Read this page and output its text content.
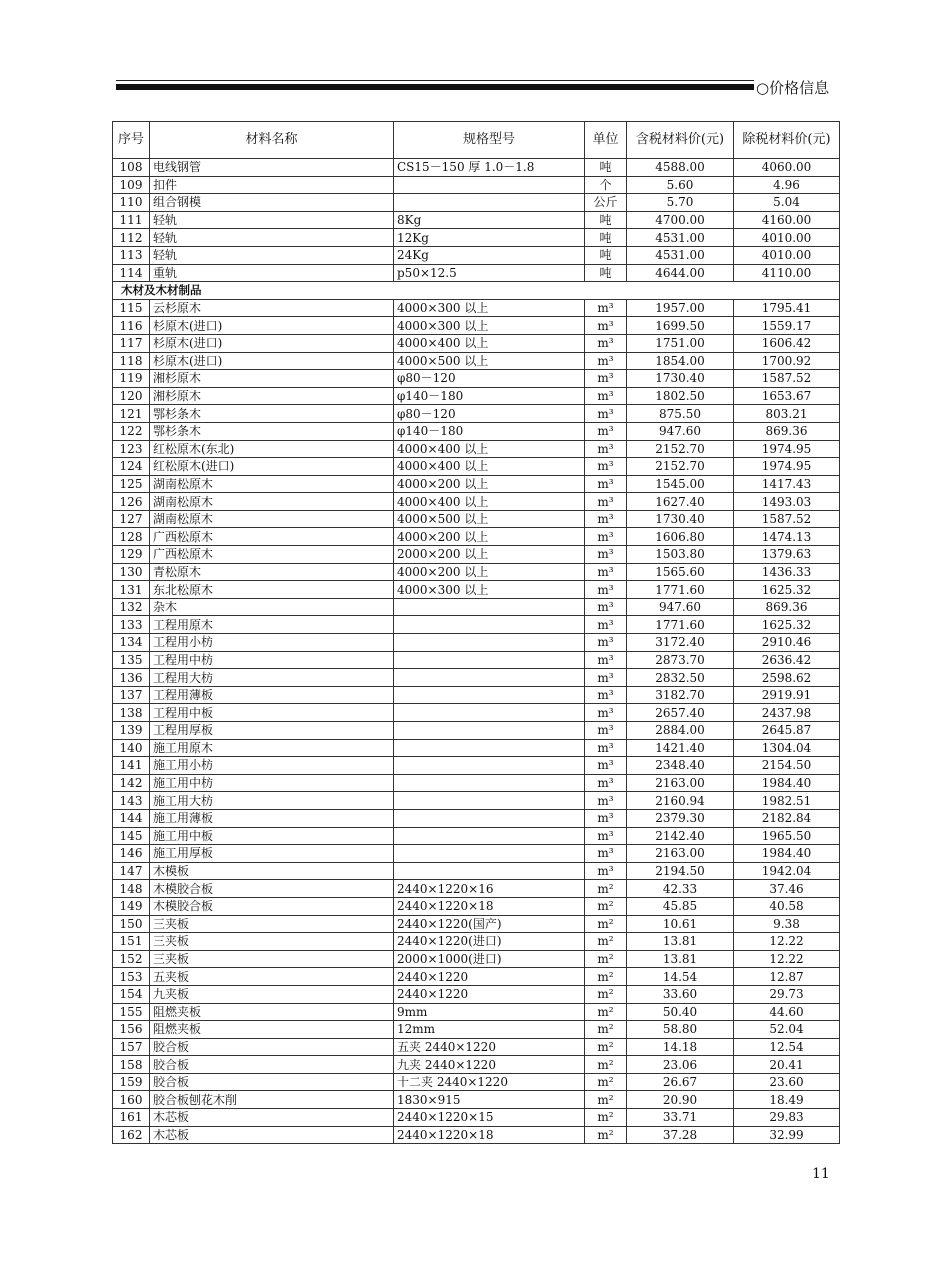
○价格信息
序号	材料名称	规格型号	单位	含税材料价(元)	除税材料价(元)
108	电线钢管	CS15－150 厚 1.0－1.8	吨	4588.00	4060.00
109	扣件		个	5.60	4.96
110	组合钢模		公斤	5.70	5.04
111	轻轨	8Kg	吨	4700.00	4160.00
112	轻轨	12Kg	吨	4531.00	4010.00
113	轻轨	24Kg	吨	4531.00	4010.00
114	重轨	p50×12.5	吨	4644.00	4110.00
木材及木材制品					
115	云杉原木	4000×300 以上	m³	1957.00	1795.41
116	杉原木(进口)	4000×300 以上	m³	1699.50	1559.17
117	杉原木(进口)	4000×400 以上	m³	1751.00	1606.42
118	杉原木(进口)	4000×500 以上	m³	1854.00	1700.92
119	湘杉原木	φ80－120	m³	1730.40	1587.52
120	湘杉原木	φ140－180	m³	1802.50	1653.67
121	鄂杉条木	φ80－120	m³	875.50	803.21
122	鄂杉条木	φ140－180	m³	947.60	869.36
123	红松原木(东北)	4000×400 以上	m³	2152.70	1974.95
124	红松原木(进口)	4000×400 以上	m³	2152.70	1974.95
125	湖南松原木	4000×200 以上	m³	1545.00	1417.43
126	湖南松原木	4000×400 以上	m³	1627.40	1493.03
127	湖南松原木	4000×500 以上	m³	1730.40	1587.52
128	广西松原木	4000×200 以上	m³	1606.80	1474.13
129	广西松原木	2000×200 以上	m³	1503.80	1379.63
130	青松原木	4000×200 以上	m³	1565.60	1436.33
131	东北松原木	4000×300 以上	m³	1771.60	1625.32
132	杂木		m³	947.60	869.36
133	工程用原木		m³	1771.60	1625.32
134	工程用小枋		m³	3172.40	2910.46
135	工程用中枋		m³	2873.70	2636.42
136	工程用大枋		m³	2832.50	2598.62
137	工程用薄板		m³	3182.70	2919.91
138	工程用中板		m³	2657.40	2437.98
139	工程用厚板		m³	2884.00	2645.87
140	施工用原木		m³	1421.40	1304.04
141	施工用小枋		m³	2348.40	2154.50
142	施工用中枋		m³	2163.00	1984.40
143	施工用大枋		m³	2160.94	1982.51
144	施工用薄板		m³	2379.30	2182.84
145	施工用中板		m³	2142.40	1965.50
146	施工用厚板		m³	2163.00	1984.40
147	木模板		m³	2194.50	1942.04
148	木模胶合板	2440×1220×16	m²	42.33	37.46
149	木模胶合板	2440×1220×18	m²	45.85	40.58
150	三夹板	2440×1220(国产)	m²	10.61	9.38
151	三夹板	2440×1220(进口)	m²	13.81	12.22
152	三夹板	2000×1000(进口)	m²	13.81	12.22
153	五夹板	2440×1220	m²	14.54	12.87
154	九夹板	2440×1220	m²	33.60	29.73
155	阻燃夹板	9mm	m²	50.40	44.60
156	阻燃夹板	12mm	m²	58.80	52.04
157	胶合板	五夹 2440×1220	m²	14.18	12.54
158	胶合板	九夹 2440×1220	m²	23.06	20.41
159	胶合板	十二夹 2440×1220	m²	26.67	23.60
160	胶合板刨花木削	1830×915	m²	20.90	18.49
161	木芯板	2440×1220×15	m²	33.71	29.83
162	木芯板	2440×1220×18	m²	37.28	32.99
11
